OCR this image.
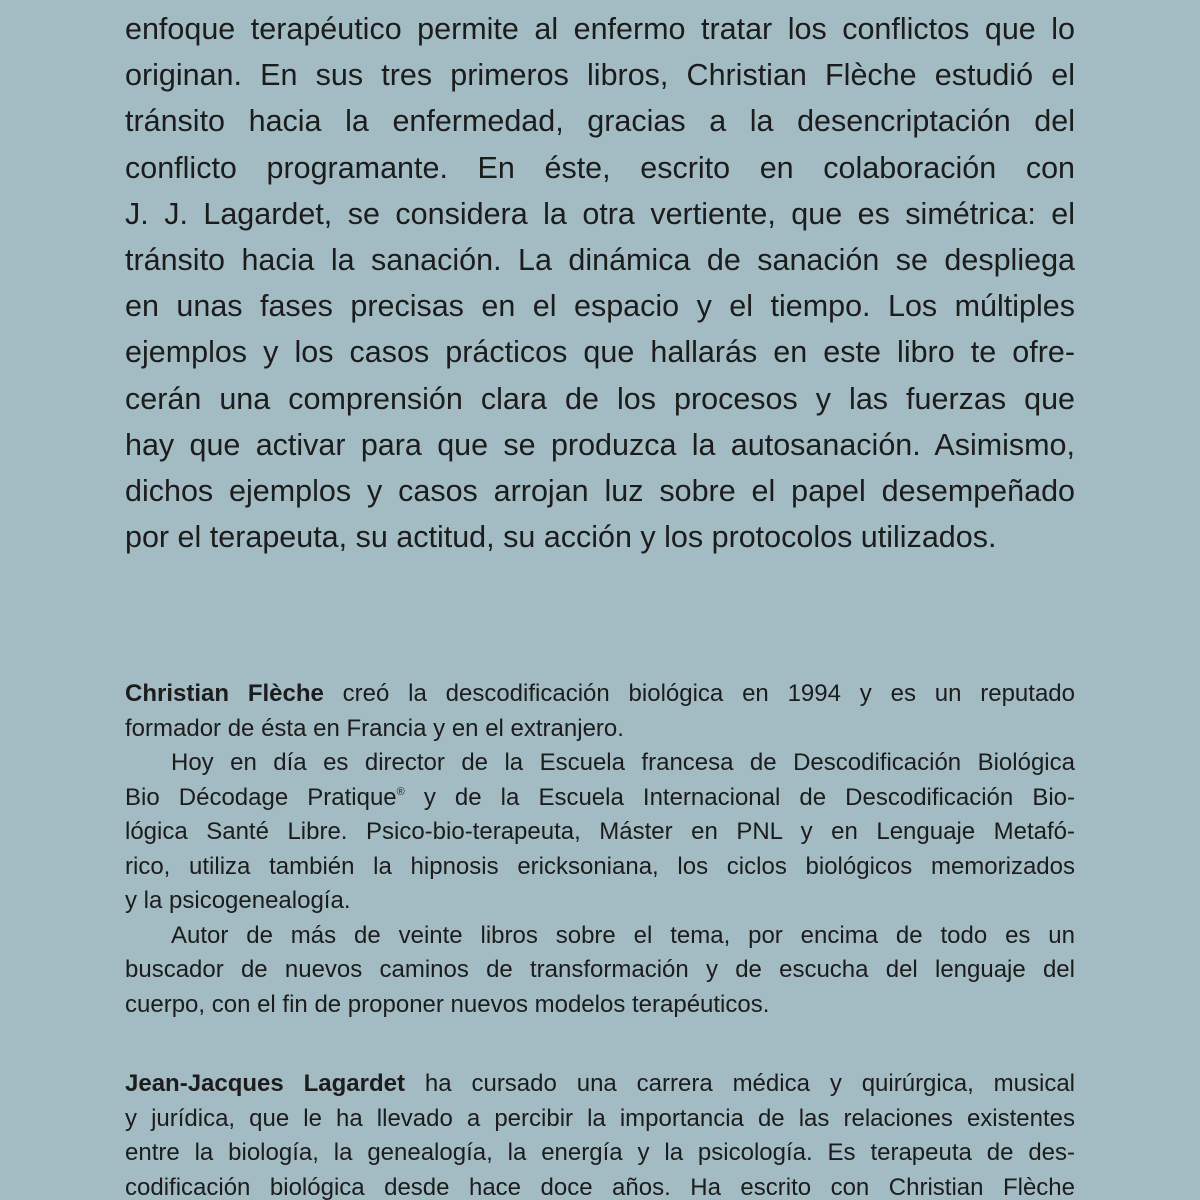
enfoque terapéutico permite al enfermo tratar los conflictos que lo
originan. En sus tres primeros libros, Christian Flèche estudió el
tránsito hacia la enfermedad, gracias a la desencriptación del
conflicto programante. En éste, escrito en colaboración con
J. J. Lagardet, se considera la otra vertiente, que es simétrica: el
tránsito hacia la sanación. La dinámica de sanación se despliega
en unas fases precisas en el espacio y el tiempo. Los múltiples
ejemplos y los casos prácticos que hallarás en este libro te ofre-
cerán una comprensión clara de los procesos y las fuerzas que
hay que activar para que se produzca la autosanación. Asimismo,
dichos ejemplos y casos arrojan luz sobre el papel desempeñado
por el terapeuta, su actitud, su acción y los protocolos utilizados.
Christian Flèche creó la descodificación biológica en 1994 y es un reputado
formador de ésta en Francia y en el extranjero.
Hoy en día es director de la Escuela francesa de Descodificación Biológica
Bio Décodage Pratique® y de la Escuela Internacional de Descodificación Bio-
lógica Santé Libre. Psico-bio-terapeuta, Máster en PNL y en Lenguaje Metafó-
rico, utiliza también la hipnosis ericksoniana, los ciclos biológicos memorizados
y la psicogenealogía.
Autor de más de veinte libros sobre el tema, por encima de todo es un
buscador de nuevos caminos de transformación y de escucha del lenguaje del
cuerpo, con el fin de proponer nuevos modelos terapéuticos.
Jean-Jacques Lagardet ha cursado una carrera médica y quirúrgica, musical
y jurídica, que le ha llevado a percibir la importancia de las relaciones existentes
entre la biología, la genealogía, la energía y la psicología. Es terapeuta de des-
codificación biológica desde hace doce años. Ha escrito con Christian Flèche
